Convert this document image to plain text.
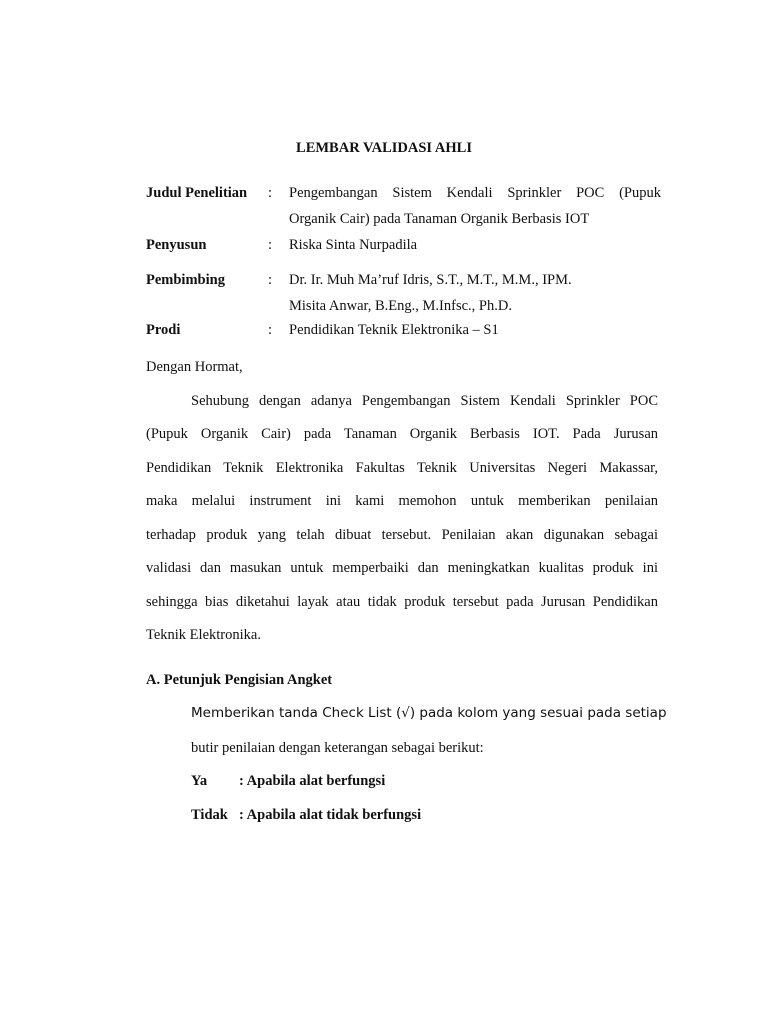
LEMBAR VALIDASI AHLI
Judul Penelitian : Pengembangan Sistem Kendali Sprinkler POC (Pupuk
Organik Cair) pada Tanaman Organik Berbasis IOT
Penyusun	: Riska Sinta Nurpadila
Pembimbing	: Dr. Ir. Muh Ma’ruf Idris, S.T., M.T., M.M., IPM.
Misita Anwar, B.Eng., M.Infsc., Ph.D.
Prodi	: Pendidikan Teknik Elektronika – S1
Dengan Hormat,
Sehubung dengan adanya Pengembangan Sistem Kendali Sprinkler POC
(Pupuk Organik Cair) pada Tanaman Organik Berbasis IOT. Pada Jurusan
Pendidikan Teknik Elektronika Fakultas Teknik Universitas Negeri Makassar,
maka melalui instrument ini kami memohon untuk memberikan penilaian
terhadap produk yang telah dibuat tersebut. Penilaian akan digunakan sebagai
validasi dan masukan untuk memperbaiki dan meningkatkan kualitas produk ini
sehingga bias diketahui layak atau tidak produk tersebut pada Jurusan Pendidikan
Teknik Elektronika.
A. Petunjuk Pengisian Angket
Memberikan tanda Check List (√) pada kolom yang sesuai pada setiap
butir penilaian dengan keterangan sebagai berikut:
Ya : Apabila alat berfungsi
Tidak : Apabila alat tidak berfungsi
